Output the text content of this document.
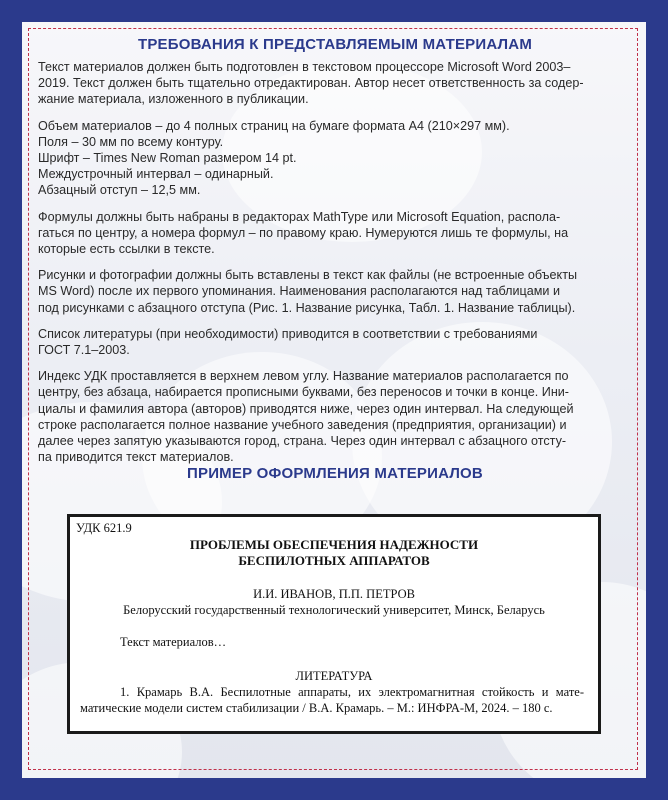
ТРЕБОВАНИЯ К ПРЕДСТАВЛЯЕМЫМ МАТЕРИАЛАМ

Текст материалов должен быть подготовлен в текстовом процессоре Microsoft Word 2003–
2019. Текст должен быть тщательно отредактирован. Автор несет ответственность за содер-
жание материала, изложенного в публикации.

Объем материалов – до 4 полных страниц на бумаге формата А4 (210×297 мм).
Поля – 30 мм по всему контуру.
Шрифт – Times New Roman размером 14 pt.
Междустрочный интервал – одинарный.
Абзацный отступ – 12,5 мм.

Формулы должны быть набраны в редакторах MathType или Microsoft Equation, распола-
гаться по центру, а номера формул – по правому краю. Нумеруются лишь те формулы, на
которые есть ссылки в тексте.

Рисунки и фотографии должны быть вставлены в текст как файлы (не встроенные объекты
MS Word) после их первого упоминания. Наименования располагаются над таблицами и
под рисунками с абзацного отступа (Рис. 1. Название рисунка, Табл. 1. Название таблицы).

Список литературы (при необходимости) приводится в соответствии с требованиями
ГОСТ 7.1–2003.

Индекс УДК проставляется в верхнем левом углу. Название материалов располагается по
центру, без абзаца, набирается прописными буквами, без переносов и точки в конце. Ини-
циалы и фамилия автора (авторов) приводятся ниже, через один интервал. На следующей
строке располагается полное название учебного заведения (предприятия, организации) и
далее через запятую указываются город, страна. Через один интервал с абзацного отсту-
па приводится текст материалов.

ПРИМЕР ОФОРМЛЕНИЯ МАТЕРИАЛОВ
УДК 621.9
ПРОБЛЕМЫ ОБЕСПЕЧЕНИЯ НАДЕЖНОСТИ
БЕСПИЛОТНЫХ АППАРАТОВ
И.И. ИВАНОВ, П.П. ПЕТРОВ
Белорусский государственный технологический университет, Минск, Беларусь
Текст материалов…
ЛИТЕРАТУРА
1. Крамарь В.А. Беспилотные аппараты, их электромагнитная стойкость и мате-матические модели систем стабилизации / В.А. Крамарь. – М.: ИНФРА-М, 2024. – 180 с.
